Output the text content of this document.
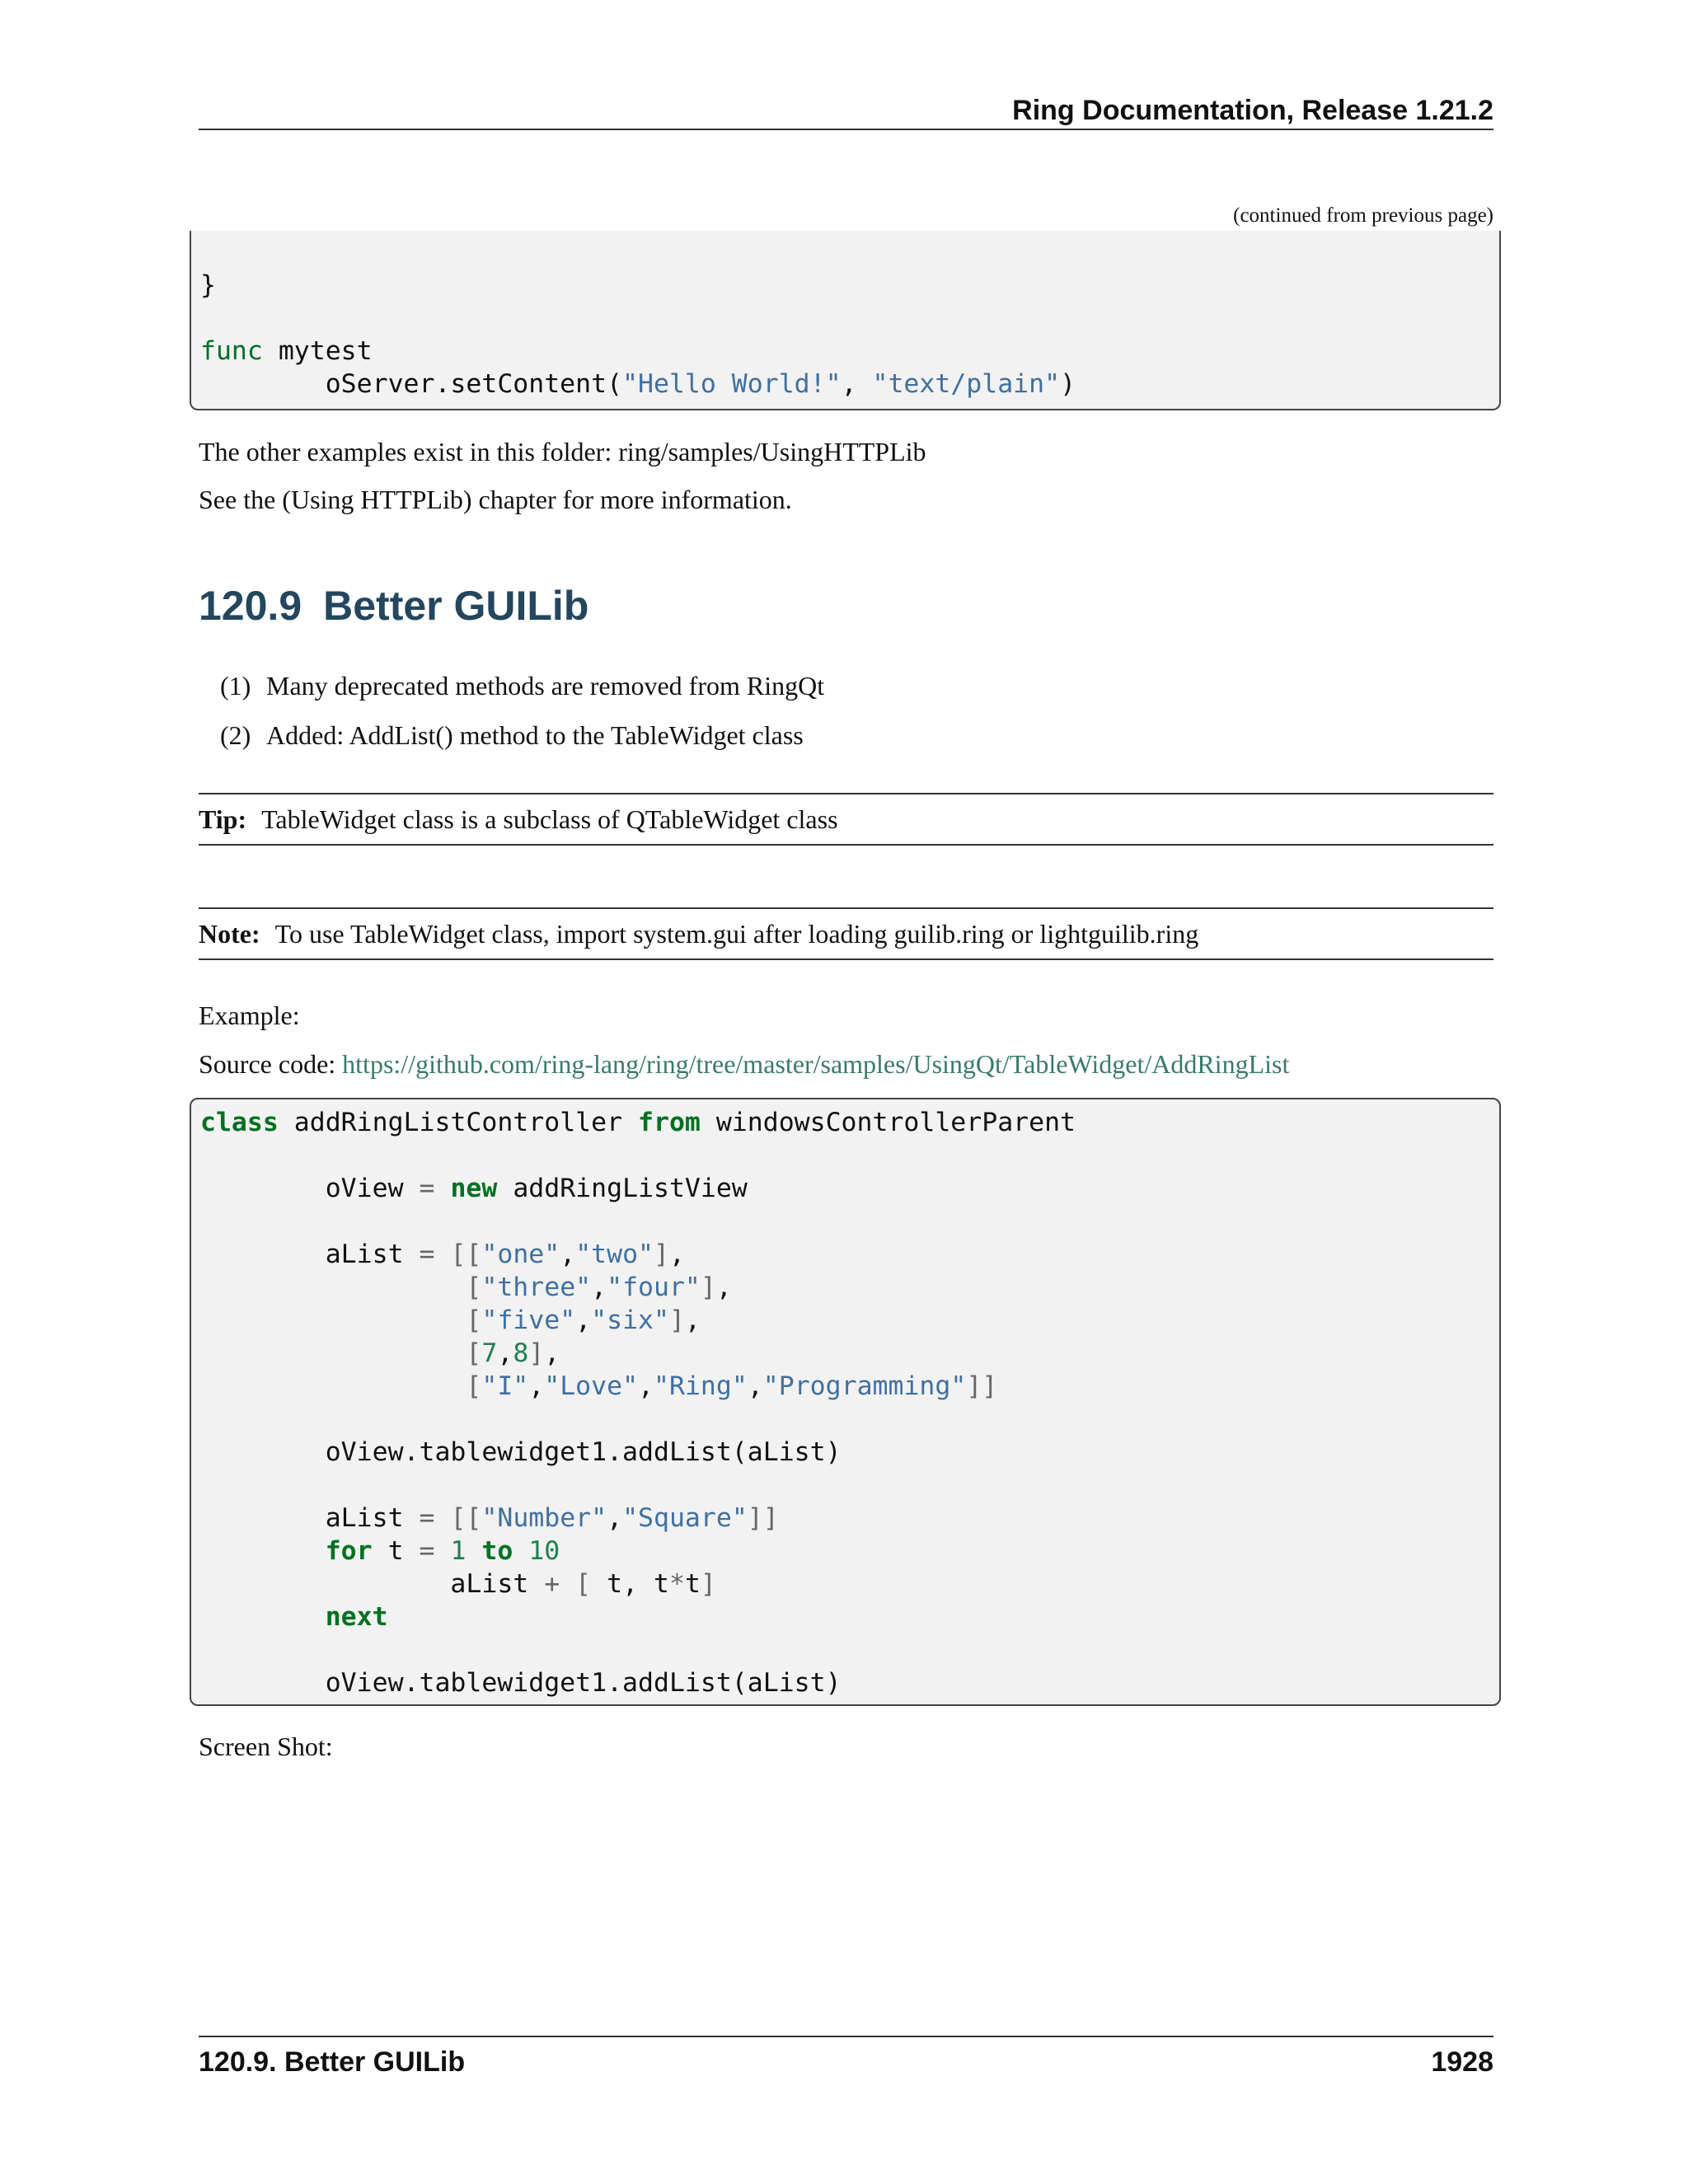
Ring Documentation, Release 1.21.2
(continued from previous page)
}

func mytest
oServer.setContent("Hello World!", "text/plain")
The other examples exist in this folder: ring/samples/UsingHTTPLib
See the (Using HTTPLib) chapter for more information.
120.9 Better GUILib
(1) Many deprecated methods are removed from RingQt
(2) Added: AddList() method to the TableWidget class
Tip: TableWidget class is a subclass of QTableWidget class
Note: To use TableWidget class, import system.gui after loading guilib.ring or lightguilib.ring
Example:
Source code: https://github.com/ring-lang/ring/tree/master/samples/UsingQt/TableWidget/AddRingList
class addRingListController from windowsControllerParent

oView = new addRingListView

aList = [["one","two"],
["three","four"],
["five","six"],
[7,8],
["I","Love","Ring","Programming"]]

oView.tablewidget1.addList(aList)

aList = [["Number","Square"]]
for t = 1 to 10
aList + [ t, t*t]
next

oView.tablewidget1.addList(aList)
Screen Shot:
120.9. Better GUILib	1928
